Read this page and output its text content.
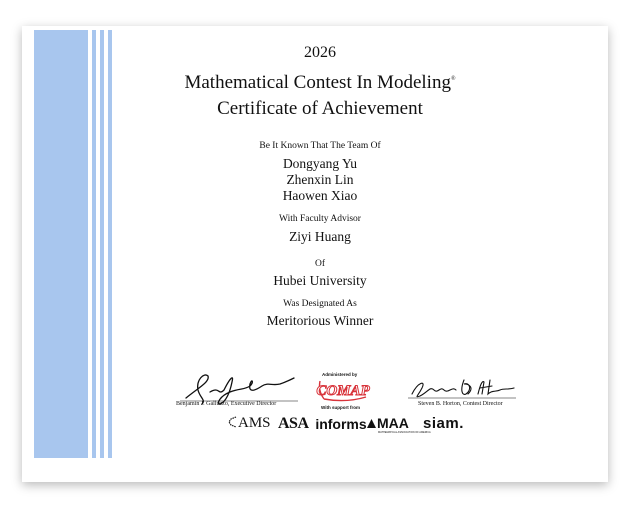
2026
Mathematical Contest In Modeling®
Certificate of Achievement
Be It Known That The Team Of
Dongyang Yu
Zhenxin Lin
Haowen Xiao
With Faculty Advisor
Ziyi Huang
Of
Hubei University
Was Designated As
Meritorious Winner
Benjamin J. Galluzzo, Executive Director
Administered by
COMAP
With support from
Steven B. Horton, Contest Director
AMS ASA informs MAA
MATHEMATICAL ASSOCIATION OF AMERICA
siam.
